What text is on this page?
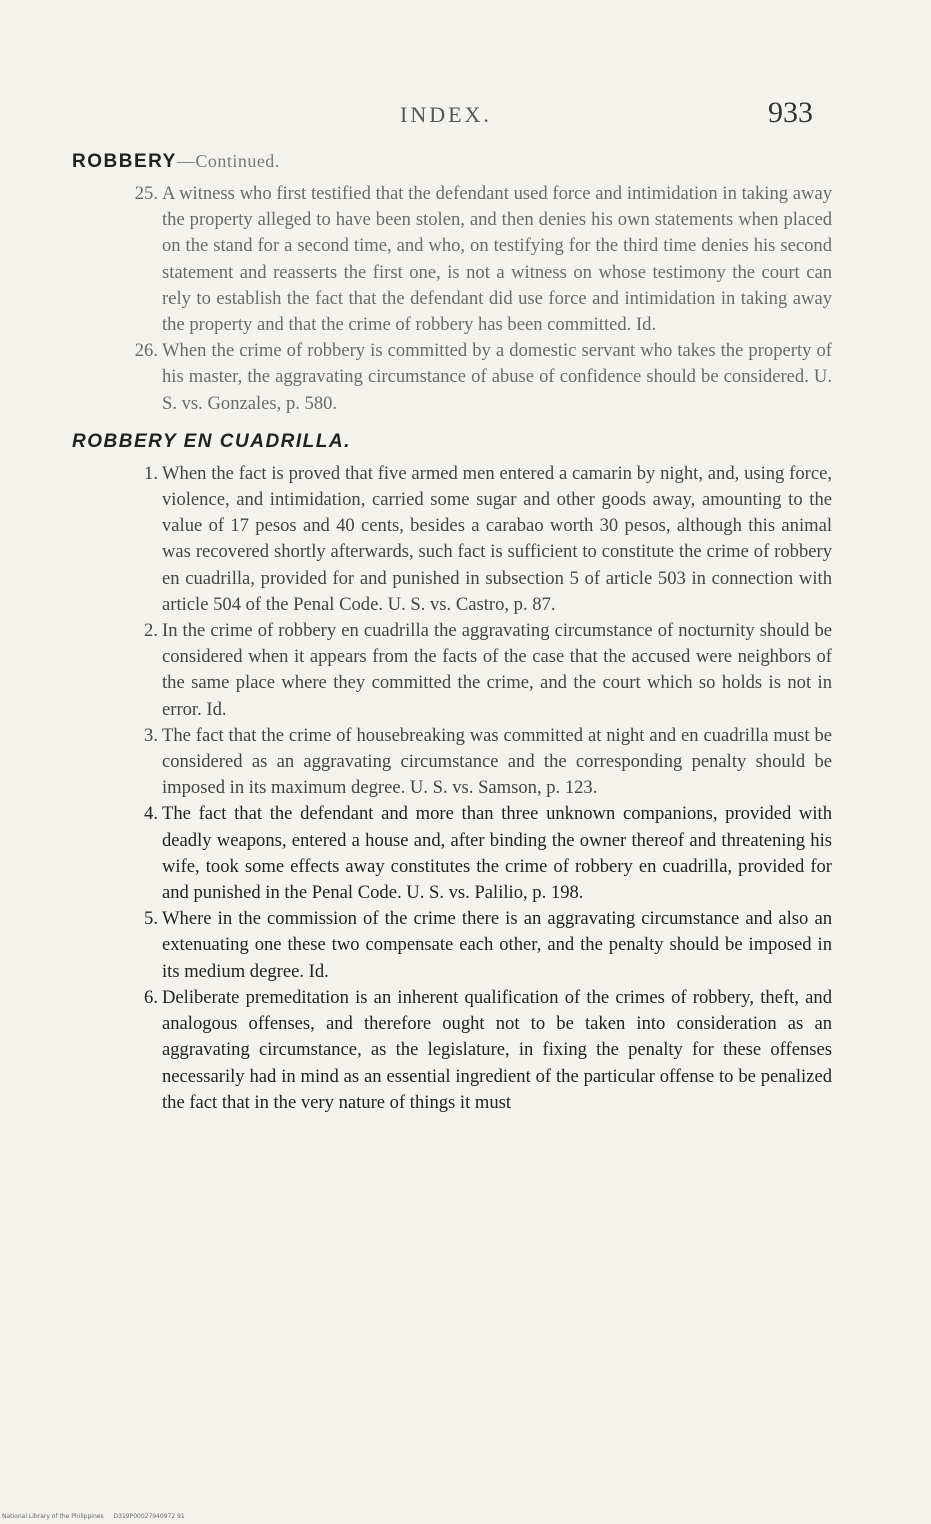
INDEX.	933
ROBBERY—Continued.
25. A witness who first testified that the defendant used force and intimidation in taking away the property alleged to have been stolen, and then denies his own statements when placed on the stand for a second time, and who, on testifying for the third time denies his second statement and reasserts the first one, is not a witness on whose testimony the court can rely to establish the fact that the defendant did use force and intimidation in taking away the property and that the crime of robbery has been committed. Id.
26. When the crime of robbery is committed by a domestic servant who takes the property of his master, the aggravating circumstance of abuse of confidence should be considered. U. S. vs. Gonzales, p. 580.
ROBBERY EN CUADRILLA.
1. When the fact is proved that five armed men entered a camarin by night, and, using force, violence, and intimidation, carried some sugar and other goods away, amounting to the value of 17 pesos and 40 cents, besides a carabao worth 30 pesos, although this animal was recovered shortly afterwards, such fact is sufficient to constitute the crime of robbery en cuadrilla, provided for and punished in subsection 5 of article 503 in connection with article 504 of the Penal Code. U. S. vs. Castro, p. 87.
2. In the crime of robbery en cuadrilla the aggravating circumstance of nocturnity should be considered when it appears from the facts of the case that the accused were neighbors of the same place where they committed the crime, and the court which so holds is not in error. Id.
3. The fact that the crime of housebreaking was committed at night and en cuadrilla must be considered as an aggravating circumstance and the corresponding penalty should be imposed in its maximum degree. U. S. vs. Samson, p. 123.
4. The fact that the defendant and more than three unknown companions, provided with deadly weapons, entered a house and, after binding the owner thereof and threatening his wife, took some effects away constitutes the crime of robbery en cuadrilla, provided for and punished in the Penal Code. U. S. vs. Palilio, p. 198.
5. Where in the commission of the crime there is an aggravating circumstance and also an extenuating one these two compensate each other, and the penalty should be imposed in its medium degree. Id.
6. Deliberate premeditation is an inherent qualification of the crimes of robbery, theft, and analogous offenses, and therefore ought not to be taken into consideration as an aggravating circumstance, as the legislature, in fixing the penalty for these offenses necessarily had in mind as an essential ingredient of the particular offense to be penalized the fact that in the very nature of things it must
National Library of the Philippines D319P00027940972 91
